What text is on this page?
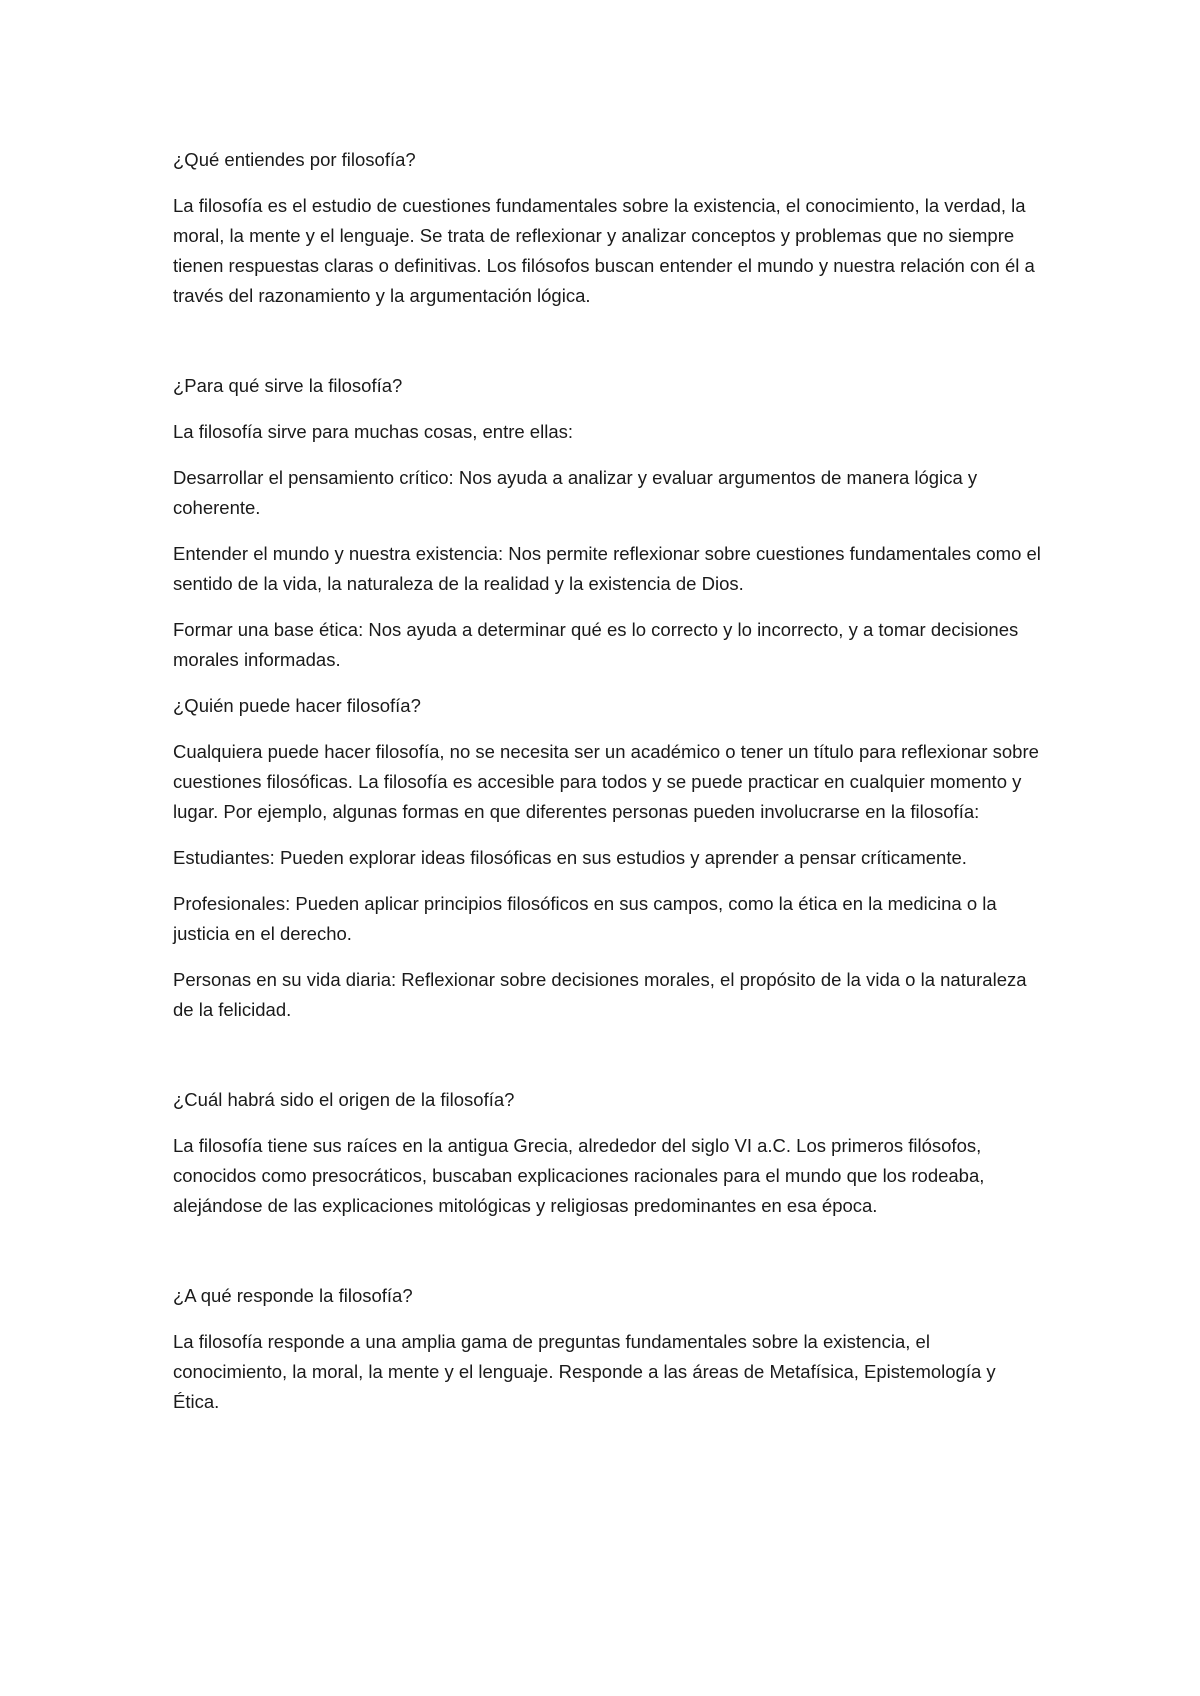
¿Qué entiendes por filosofía?

La filosofía es el estudio de cuestiones fundamentales sobre la existencia, el conocimiento, la verdad, la moral, la mente y el lenguaje. Se trata de reflexionar y analizar conceptos y problemas que no siempre tienen respuestas claras o definitivas. Los filósofos buscan entender el mundo y nuestra relación con él a través del razonamiento y la argumentación lógica.

¿Para qué sirve la filosofía?

La filosofía sirve para muchas cosas, entre ellas:

Desarrollar el pensamiento crítico: Nos ayuda a analizar y evaluar argumentos de manera lógica y coherente.

Entender el mundo y nuestra existencia: Nos permite reflexionar sobre cuestiones fundamentales como el sentido de la vida, la naturaleza de la realidad y la existencia de Dios.

Formar una base ética: Nos ayuda a determinar qué es lo correcto y lo incorrecto, y a tomar decisiones morales informadas.

¿Quién puede hacer filosofía?

Cualquiera puede hacer filosofía, no se necesita ser un académico o tener un título para reflexionar sobre cuestiones filosóficas. La filosofía es accesible para todos y se puede practicar en cualquier momento y lugar. Por ejemplo, algunas formas en que diferentes personas pueden involucrarse en la filosofía:

Estudiantes: Pueden explorar ideas filosóficas en sus estudios y aprender a pensar críticamente.

Profesionales: Pueden aplicar principios filosóficos en sus campos, como la ética en la medicina o la justicia en el derecho.

Personas en su vida diaria: Reflexionar sobre decisiones morales, el propósito de la vida o la naturaleza de la felicidad.

¿Cuál habrá sido el origen de la filosofía?

La filosofía tiene sus raíces en la antigua Grecia, alrededor del siglo VI a.C. Los primeros filósofos, conocidos como presocráticos, buscaban explicaciones racionales para el mundo que los rodeaba, alejándose de las explicaciones mitológicas y religiosas predominantes en esa época.

¿A qué responde la filosofía?

La filosofía responde a una amplia gama de preguntas fundamentales sobre la existencia, el conocimiento, la moral, la mente y el lenguaje. Responde a las áreas de Metafísica, Epistemología y Ética.
